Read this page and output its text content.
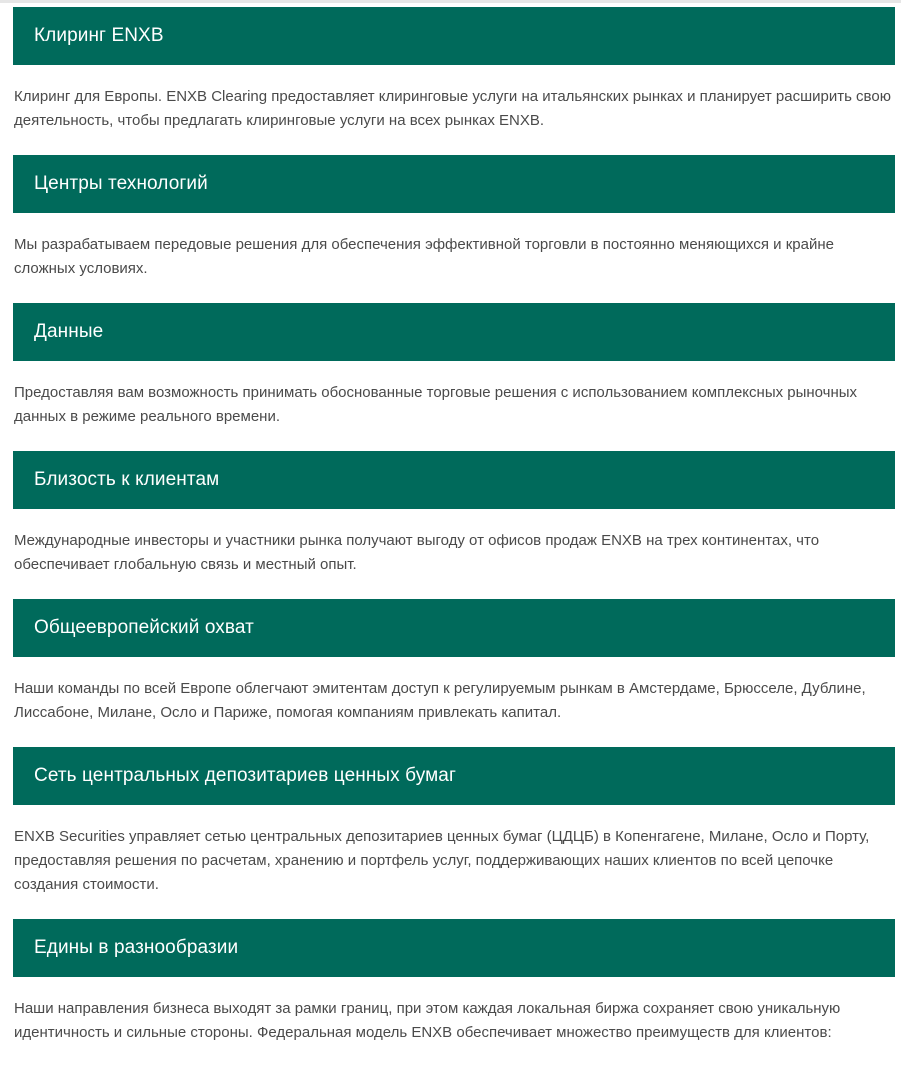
Клиринг ENXB

Клиринг для Европы. ENXB Clearing предоставляет клиринговые услуги на итальянских рынках и планирует расширить свою деятельность, чтобы предлагать клиринговые услуги на всех рынках ENXB.

Центры технологий

Мы разрабатываем передовые решения для обеспечения эффективной торговли в постоянно меняющихся и крайне сложных условиях.

Данные

Предоставляя вам возможность принимать обоснованные торговые решения с использованием комплексных рыночных данных в режиме реального времени.

Близость к клиентам

Международные инвесторы и участники рынка получают выгоду от офисов продаж ENXB на трех континентах, что обеспечивает глобальную связь и местный опыт.

Общеевропейский охват

Наши команды по всей Европе облегчают эмитентам доступ к регулируемым рынкам в Амстердаме, Брюсселе, Дублине, Лиссабоне, Милане, Осло и Париже, помогая компаниям привлекать капитал.

Сеть центральных депозитариев ценных бумаг

ENXB Securities управляет сетью центральных депозитариев ценных бумаг (ЦДЦБ) в Копенгагене, Милане, Осло и Порту, предоставляя решения по расчетам, хранению и портфель услуг, поддерживающих наших клиентов по всей цепочке создания стоимости.

Едины в разнообразии

Наши направления бизнеса выходят за рамки границ, при этом каждая локальная биржа сохраняет свою уникальную идентичность и сильные стороны. Федеральная модель ENXB обеспечивает множество преимуществ для клиентов:
